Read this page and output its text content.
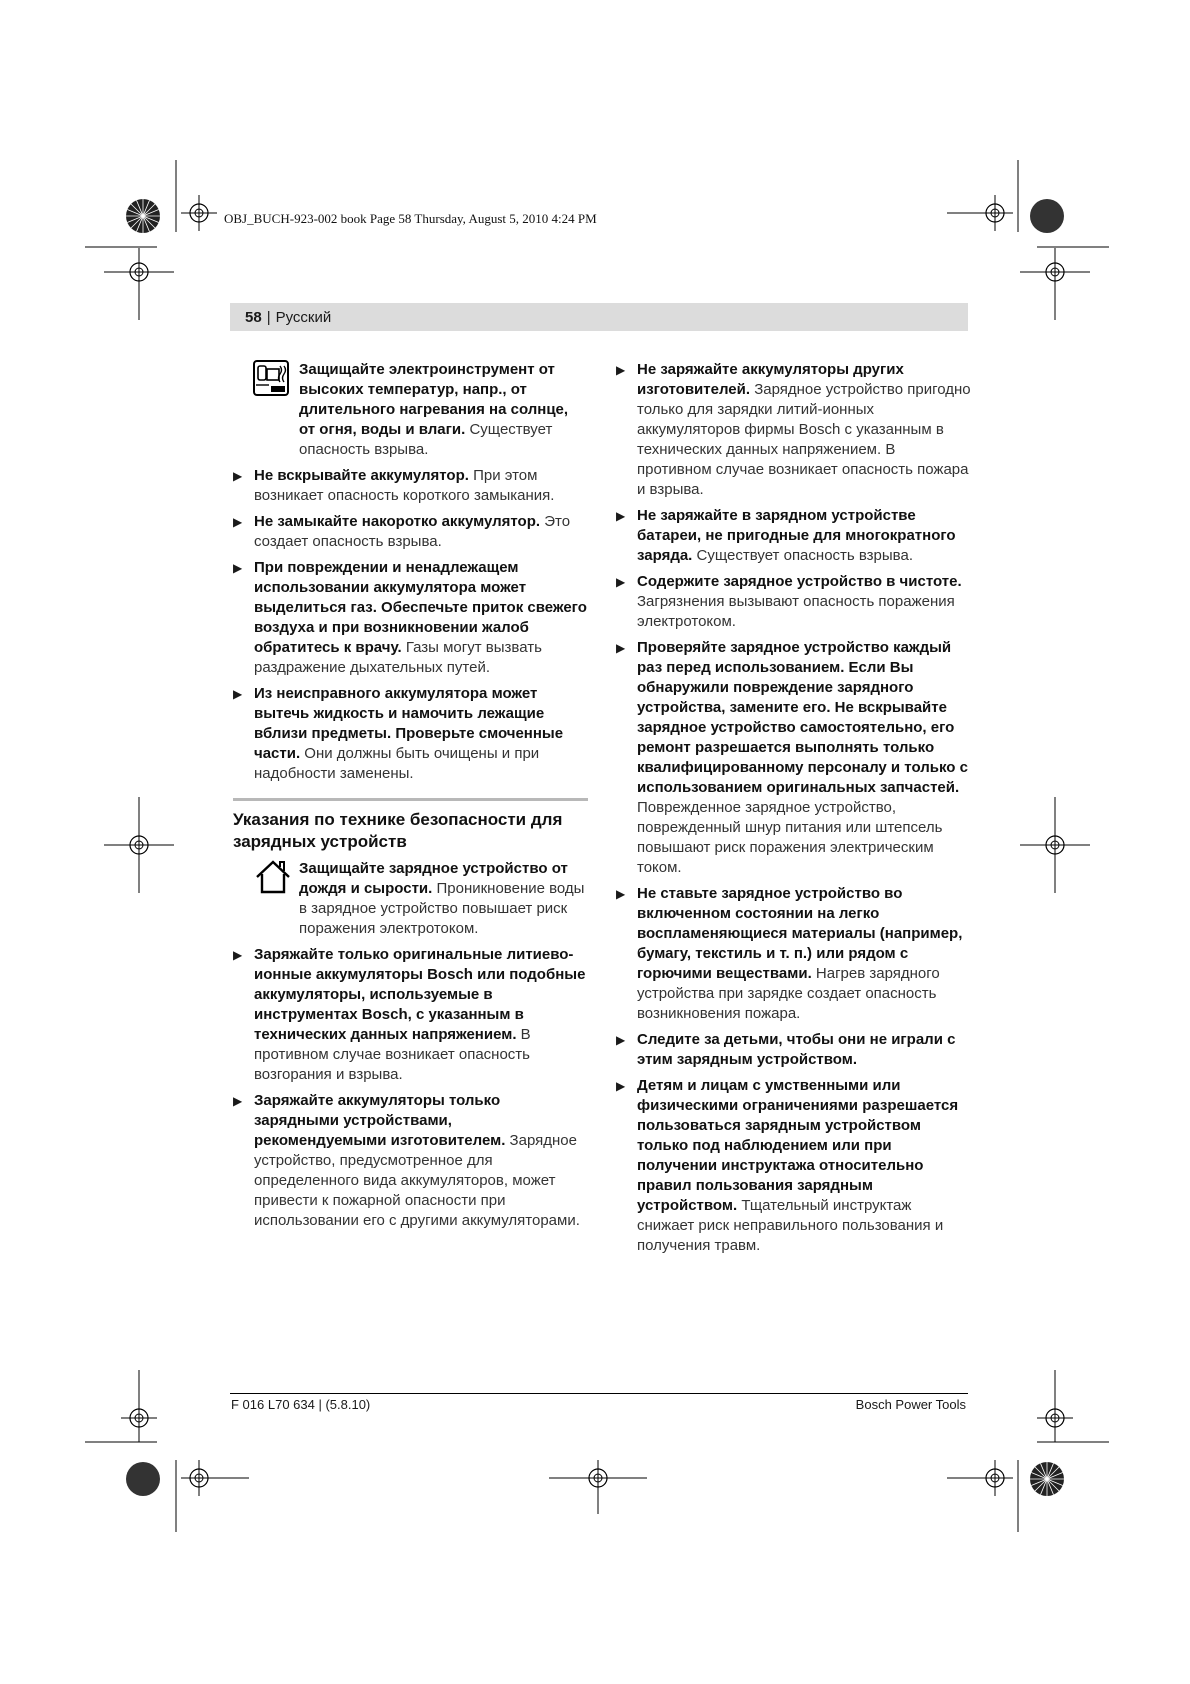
OBJ_BUCH-923-002 book Page 58 Thursday, August 5, 2010 4:24 PM
58 | Русский
Защищайте электроинструмент от высоких температур, напр., от длительного нагревания на солнце, от огня, воды и влаги. Существует опасность взрыва.
▶ Не вскрывайте аккумулятор. При этом возникает опасность короткого замыкания.
▶ Не замыкайте накоротко аккумулятор. Это создает опасность взрыва.
▶ При повреждении и ненадлежащем использовании аккумулятора может выделиться газ. Обеспечьте приток свежего воздуха и при возникновении жалоб обратитесь к врачу. Газы могут вызвать раздражение дыхательных путей.
▶ Из неисправного аккумулятора может вытечь жидкость и намочить лежащие вблизи предметы. Проверьте смоченные части. Они должны быть очищены и при надобности заменены.
Указания по технике безопасности для зарядных устройств
Защищайте зарядное устройство от дождя и сырости. Проникновение воды в зарядное устройство повышает риск поражения электротоком.
▶ Заряжайте только оригинальные литиево-ионные аккумуляторы Bosch или подобные аккумуляторы, используемые в инструментах Bosch, с указанным в технических данных напряжением. В противном случае возникает опасность возгорания и взрыва.
▶ Заряжайте аккумуляторы только зарядными устройствами, рекомендуемыми изготовителем. Зарядное устройство, предусмотренное для определенного вида аккумуляторов, может привести к пожарной опасности при использовании его с другими аккумуляторами.
▶ Не заряжайте аккумуляторы других изготовителей. Зарядное устройство пригодно только для зарядки литий-ионных аккумуляторов фирмы Bosch с указанным в технических данных напряжением. В противном случае возникает опасность пожара и взрыва.
▶ Не заряжайте в зарядном устройстве батареи, не пригодные для многократного заряда. Существует опасность взрыва.
▶ Содержите зарядное устройство в чистоте. Загрязнения вызывают опасность поражения электротоком.
▶ Проверяйте зарядное устройство каждый раз перед использованием. Если Вы обнаружили повреждение зарядного устройства, замените его. Не вскрывайте зарядное устройство самостоятельно, его ремонт разрешается выполнять только квалифицированному персоналу и только с использованием оригинальных запчастей. Поврежденное зарядное устройство, поврежденный шнур питания или штепсель повышают риск поражения электрическим током.
▶ Не ставьте зарядное устройство во включенном состоянии на легко воспламеняющиеся материалы (например, бумагу, текстиль и т. п.) или рядом с горючими веществами. Нагрев зарядного устройства при зарядке создает опасность возникновения пожара.
▶ Следите за детьми, чтобы они не играли с этим зарядным устройством.
▶ Детям и лицам с умственными или физическими ограничениями разрешается пользоваться зарядным устройством только под наблюдением или при получении инструктажа относительно правил пользования зарядным устройством. Тщательный инструктаж снижает риск неправильного пользования и получения травм.
F 016 L70 634 | (5.8.10)	Bosch Power Tools
